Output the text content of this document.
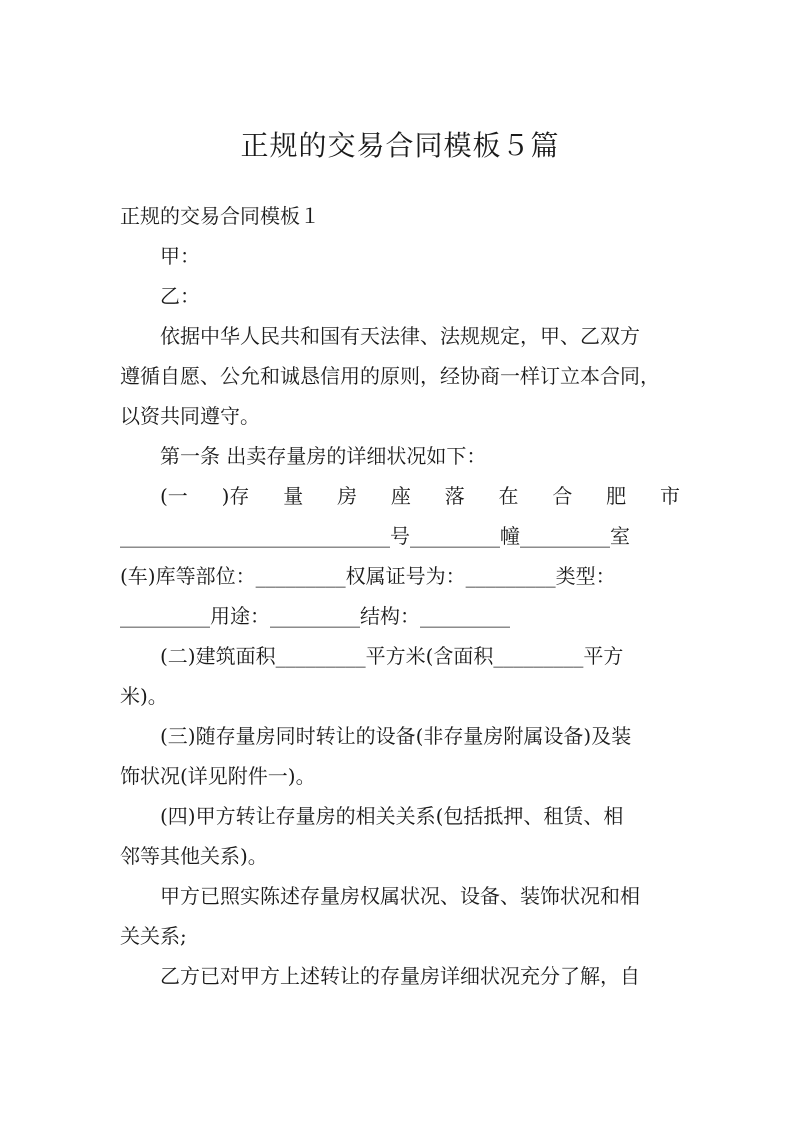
正规的交易合同模板５篇

正规的交易合同模板１

甲：

乙：

依据中华人民共和国有天法律、法规规定，甲、乙双方
遵循自愿、公允和诚恳信用的原则，经协商一样订立本合同，
以资共同遵守。

第一条 出卖存量房的详细状况如下：

(一 )存 量 房 座 落 在 合 肥 市
___________________________号_________幢_________室
(车)库等部位：_________权属证号为：_________类型：
_________用途：_________结构：_________
(二)建筑面积_________平方米(含面积_________平方
米)。
(三)随存量房同时转让的设备(非存量房附属设备)及装
饰状况(详见附件一)。
(四)甲方转让存量房的相关关系(包括抵押、租赁、相
邻等其他关系)。
甲方已照实陈述存量房权属状况、设备、装饰状况和相
关关系;
乙方已对甲方上述转让的存量房详细状况充分了解，自
